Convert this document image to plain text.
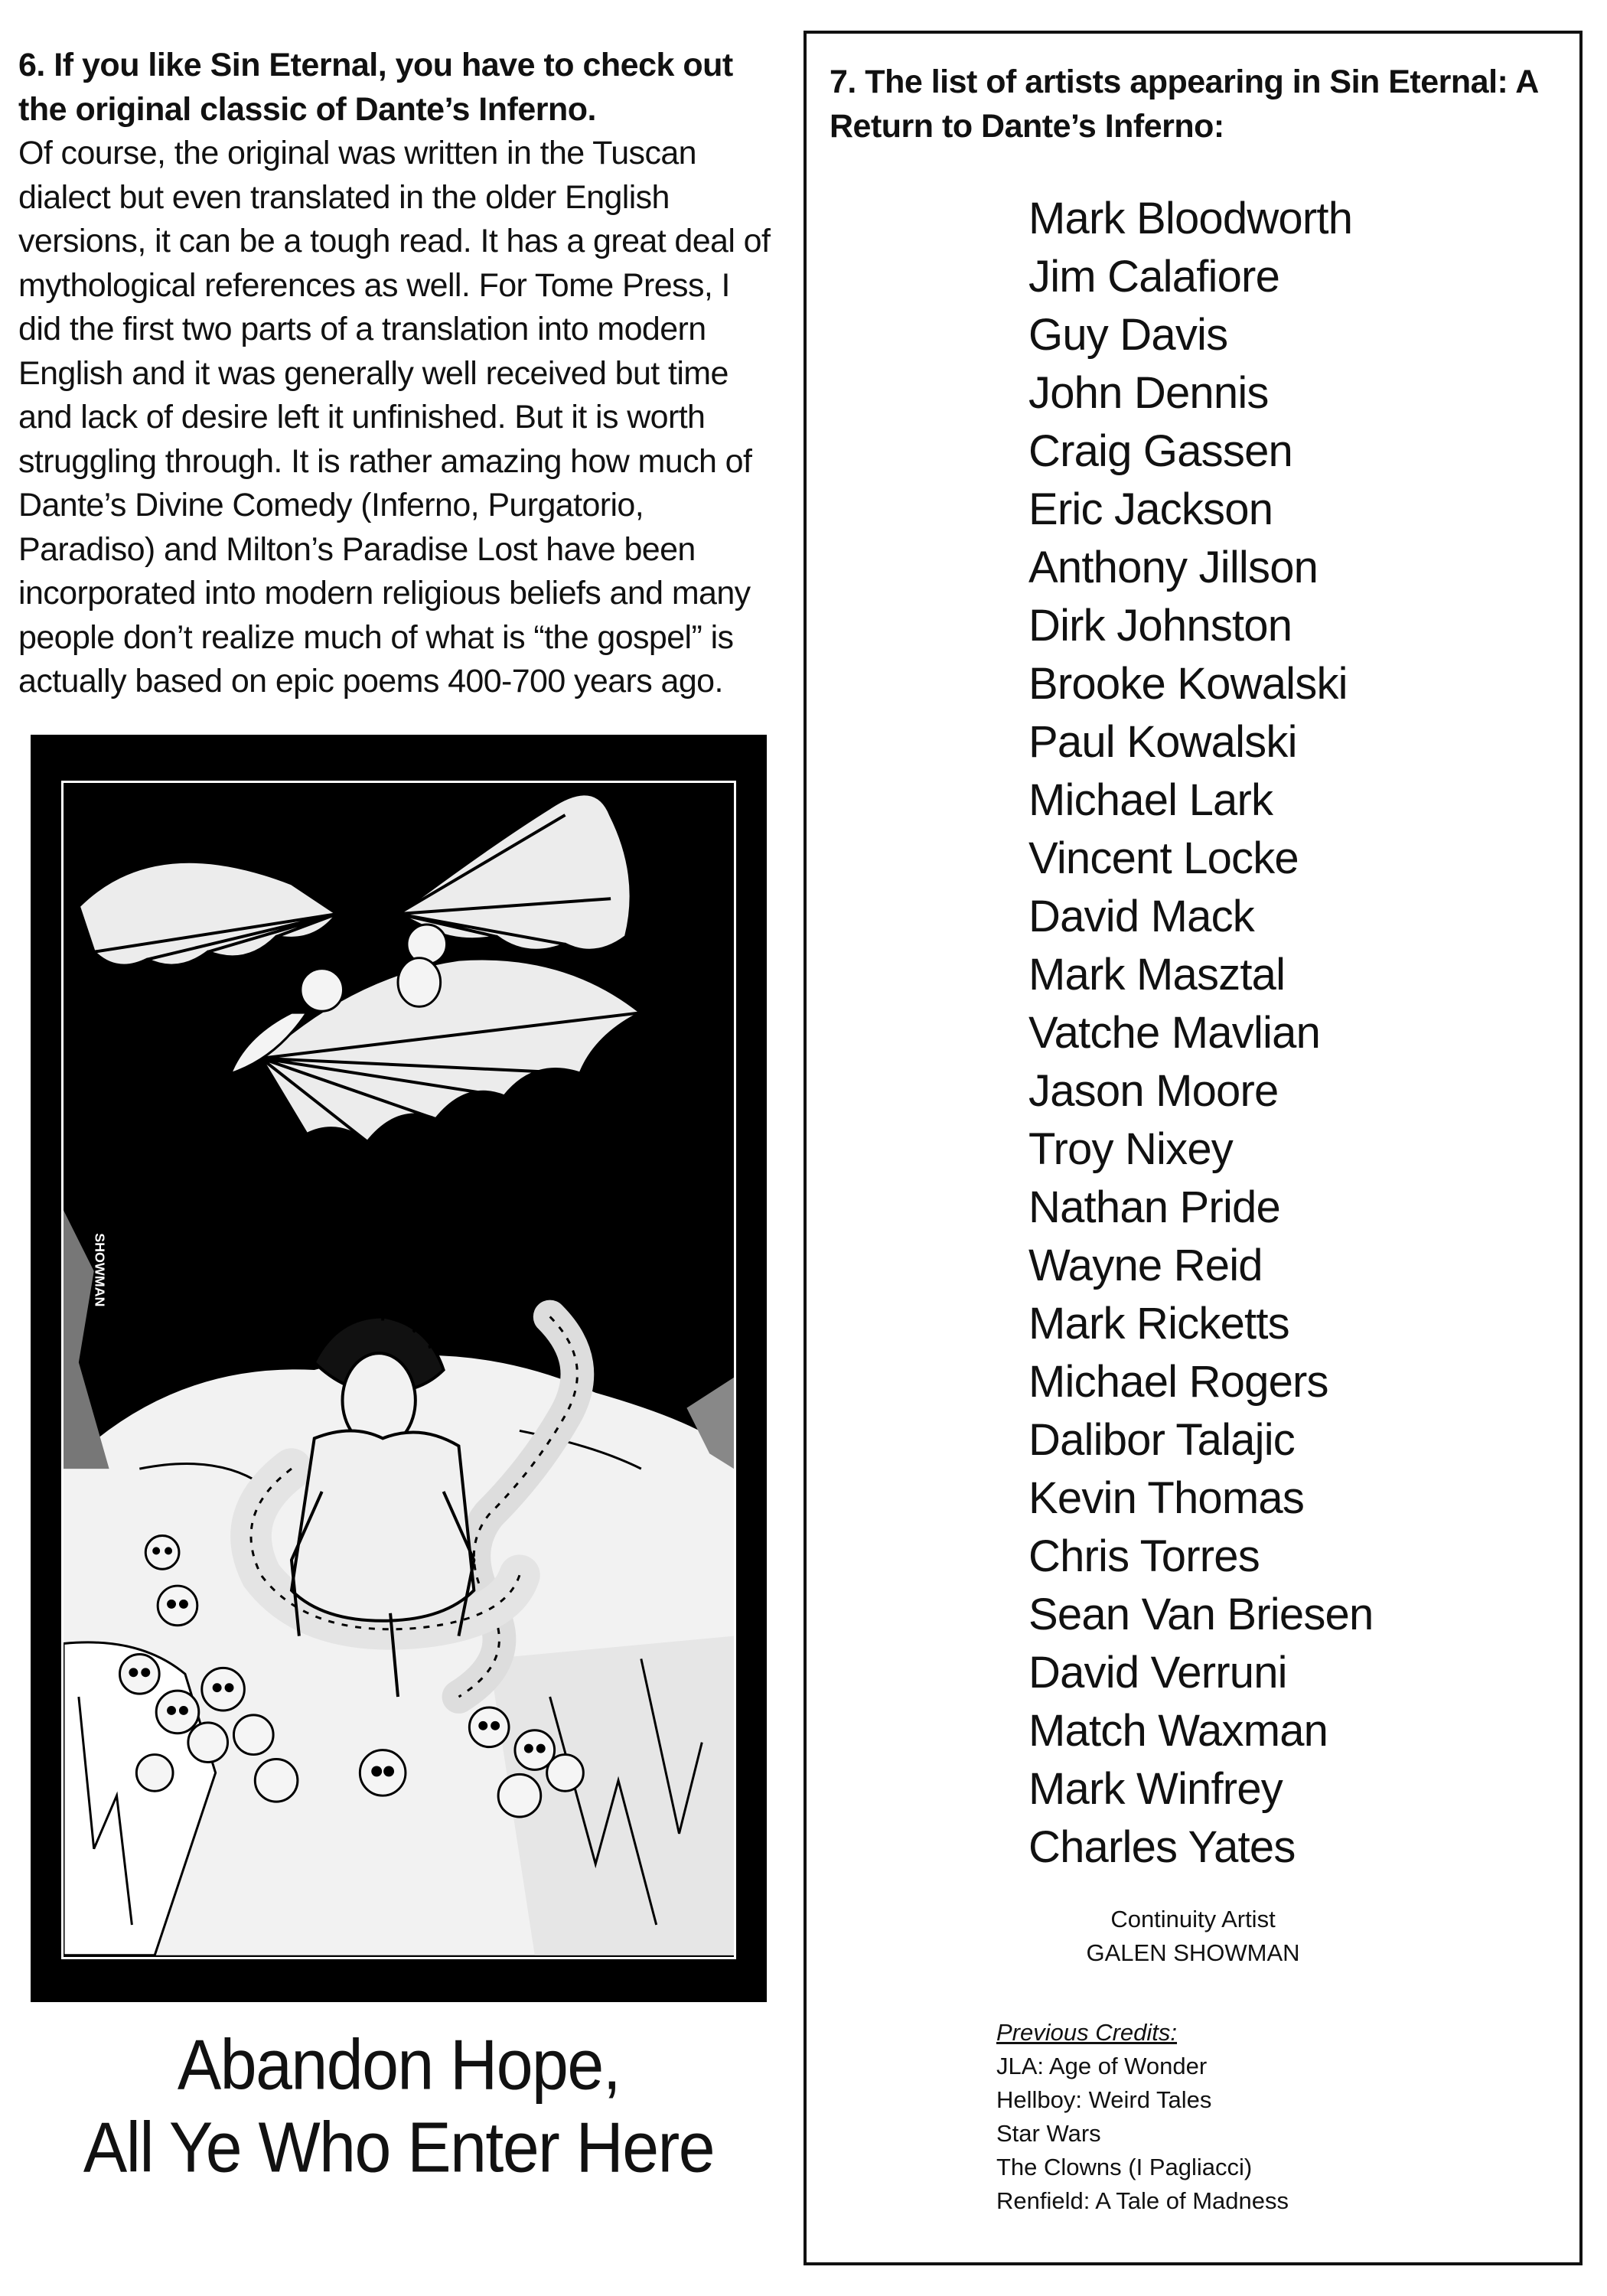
6. If you like Sin Eternal, you have to check out the original classic of Dante’s Inferno.
Of course, the original was written in the Tuscan dialect but even translated in the older English versions, it can be a tough read. It has a great deal of mythological references as well. For Tome Press, I did the first two parts of a translation into modern English and it was generally well received but time and lack of desire left it unfinished. But it is worth struggling through. It is rather amazing how much of Dante’s Divine Comedy (Inferno, Purgatorio, Paradiso) and Milton’s Paradise Lost have been incorporated into modern religious beliefs and many people don’t realize much of what is “the gospel” is actually based on epic poems 400-700 years ago.
SHOWMAN
Abandon Hope,
All Ye Who Enter Here
7. The list of artists appearing in Sin Eternal: A Return to Dante’s Inferno:
Mark Bloodworth
Jim Calafiore
Guy Davis
John Dennis
Craig Gassen
Eric Jackson
Anthony Jillson
Dirk Johnston
Brooke Kowalski
Paul Kowalski
Michael Lark
Vincent Locke
David Mack
Mark Masztal
Vatche Mavlian
Jason Moore
Troy Nixey
Nathan Pride
Wayne Reid
Mark Ricketts
Michael Rogers
Dalibor Talajic
Kevin Thomas
Chris Torres
Sean Van Briesen
David Verruni
Match Waxman
Mark Winfrey
Charles Yates
Continuity Artist
GALEN SHOWMAN
Previous Credits:
JLA: Age of Wonder
Hellboy: Weird Tales
Star Wars
The Clowns (I Pagliacci)
Renfield: A Tale of Madness
